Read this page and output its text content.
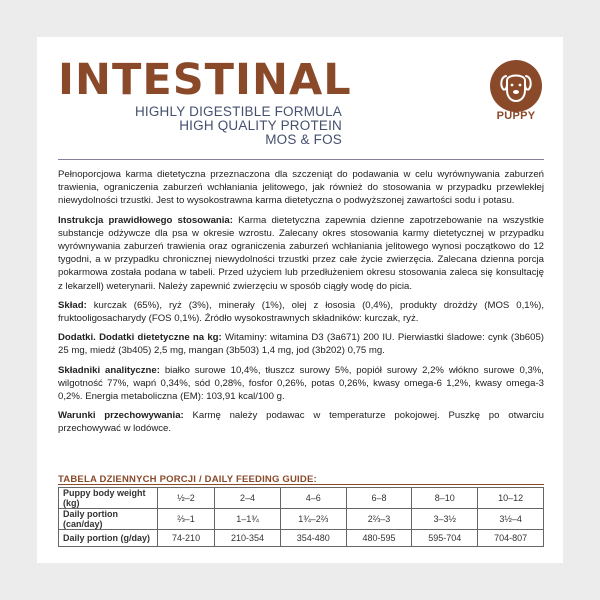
INTESTINAL
HIGHLY DIGESTIBLE FORMULA
HIGH QUALITY PROTEIN
MOS & FOS
PUPPY

Pełnoporcjowa karma dietetyczna przeznaczona dla szczeniąt do podawania w celu wyrównywania zaburzeń trawienia, ograniczenia zaburzeń wchłaniania jelitowego, jak również do stosowania w przypadku przewlekłej niewydolności trzustki. Jest to wysokostrawna karma dietetyczna o podwyższonej zawartości sodu i potasu.

Instrukcja prawidłowego stosowania: Karma dietetyczna zapewnia dzienne zapotrzebowanie na wszystkie substancje odżywcze dla psa w okresie wzrostu. Zalecany okres stosowania karmy dietetycznej w przypadku wyrównywania zaburzeń trawienia oraz ograniczenia zaburzeń wchłaniania jelitowego wynosi początkowo do 12 tygodni, a w przypadku chronicznej niewydolności trzustki przez całe życie zwierzęcia. Zalecana dzienna porcja pokarmowa została podana w tabeli. Przed użyciem lub przedłużeniem okresu stosowania zaleca się konsultację z lekarzell) weterynarii. Należy zapewnić zwierzęciu w sposób ciągły wodę do picia.

Skład: kurczak (65%), ryż (3%), minerały (1%), olej z łososia (0,4%), produkty drożdży (MOS 0,1%), fruktooligosacharydy (FOS 0,1%). Źródło wysokostrawnych składników: kurczak, ryż.

Dodatki. Dodatki dietetyczne na kg: Witaminy: witamina D3 (3a671) 200 IU. Pierwiastki śladowe: cynk (3b605) 25 mg, miedź (3b405) 2,5 mg, mangan (3b503) 1,4 mg, jod (3b202) 0,75 mg.

Składniki analityczne: białko surowe 10,4%, tłuszcz surowy 5%, popiół surowy 2,2% włókno surowe 0,3%, wilgotność 77%, wapń 0,34%, sód 0,28%, fosfor 0,26%, potas 0,26%, kwasy omega-6 1,2%, kwasy omega-3 0,2%. Energia metaboliczna (EM): 103,91 kcal/100 g.

Warunki przechowywania: Karmę należy podawac w temperaturze pokojowej. Puszkę po otwarciu przechowywać w lodówce.

TABELA DZIENNYCH PORCJI / DAILY FEEDING GUIDE:
Puppy body weight (kg)	½–2	2–4	4–6	6–8	8–10	10–12
Daily portion (can/day)	⅔–1	1–1¾	1¾–2⅔	2⅔–3	3–3½	3½–4
Daily portion (g/day)	74-210	210-354	354-480	480-595	595-704	704-807
